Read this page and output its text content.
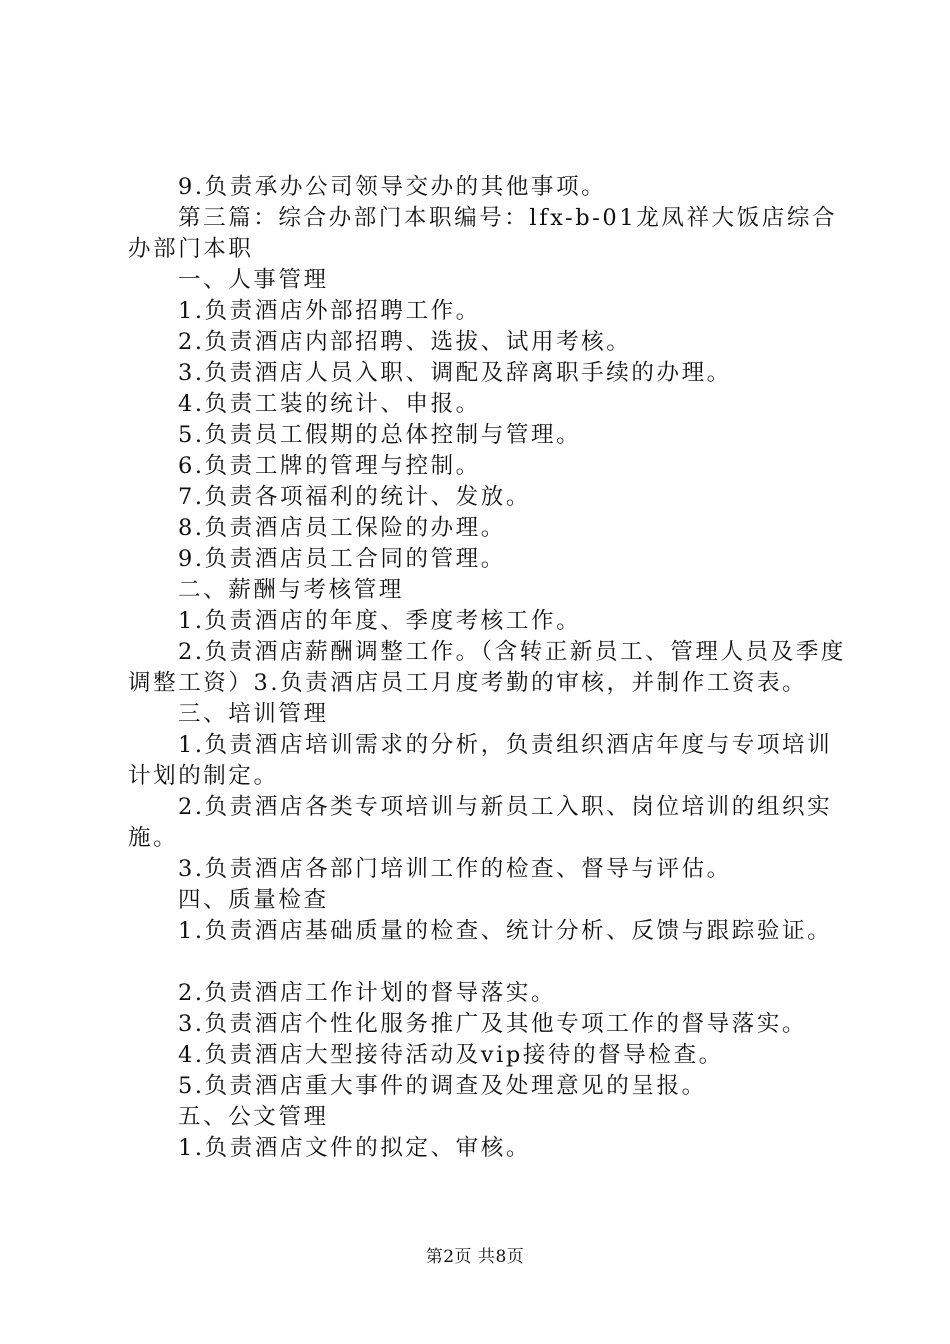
9.负责承办公司领导交办的其他事项。

第三篇：综合办部门本职编号：lfx-b-01龙凤祥大饭店综合办部门本职

一、人事管理

1.负责酒店外部招聘工作。

2.负责酒店内部招聘、选拔、试用考核。

3.负责酒店人员入职、调配及辞离职手续的办理。

4.负责工装的统计、申报。

5.负责员工假期的总体控制与管理。

6.负责工牌的管理与控制。

7.负责各项福利的统计、发放。

8.负责酒店员工保险的办理。

9.负责酒店员工合同的管理。

二、薪酬与考核管理

1.负责酒店的年度、季度考核工作。

2.负责酒店薪酬调整工作。（含转正新员工、管理人员及季度调整工资）3.负责酒店员工月度考勤的审核，并制作工资表。

三、培训管理

1.负责酒店培训需求的分析，负责组织酒店年度与专项培训计划的制定。

2.负责酒店各类专项培训与新员工入职、岗位培训的组织实施。

3.负责酒店各部门培训工作的检查、督导与评估。

四、质量检查

1.负责酒店基础质量的检查、统计分析、反馈与跟踪验证。

2.负责酒店工作计划的督导落实。

3.负责酒店个性化服务推广及其他专项工作的督导落实。

4.负责酒店大型接待活动及vip接待的督导检查。

5.负责酒店重大事件的调查及处理意见的呈报。

五、公文管理

1.负责酒店文件的拟定、审核。

第2页 共8页
